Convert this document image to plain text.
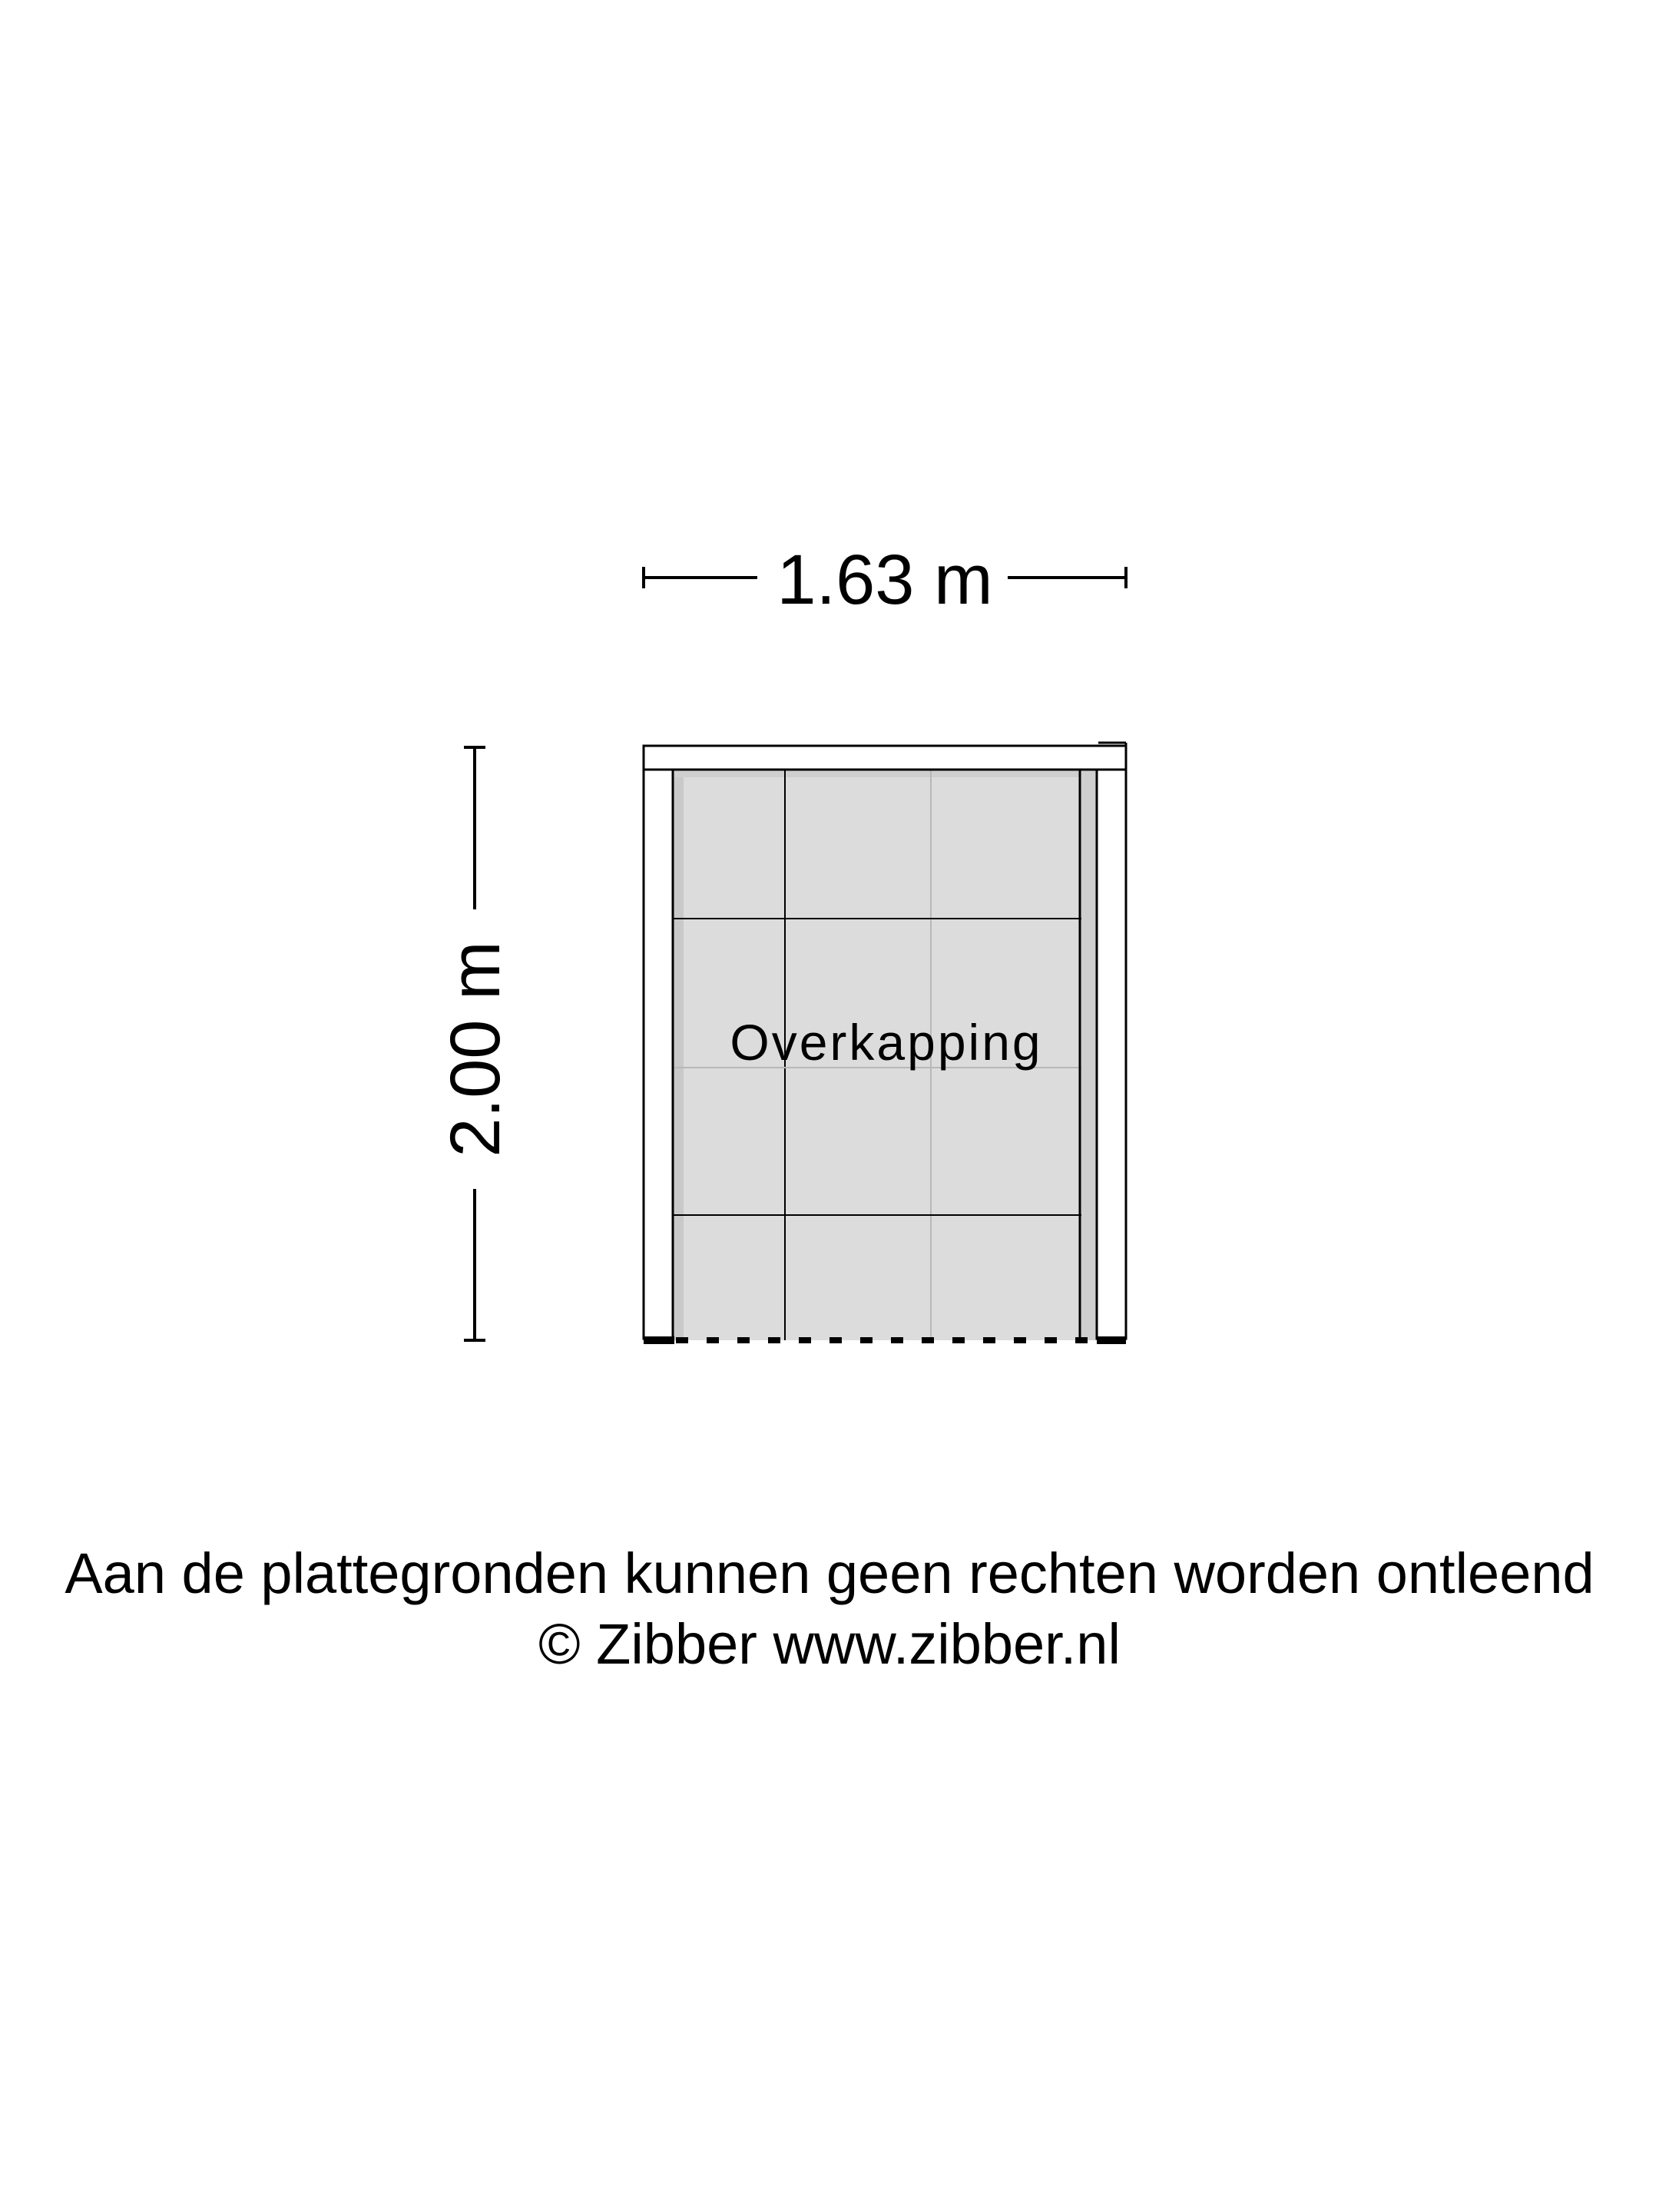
1.63 m
2.00 m	Overkapping
Aan de plattegronden kunnen geen rechten worden ontleend
© Zibber www.zibber.nl
